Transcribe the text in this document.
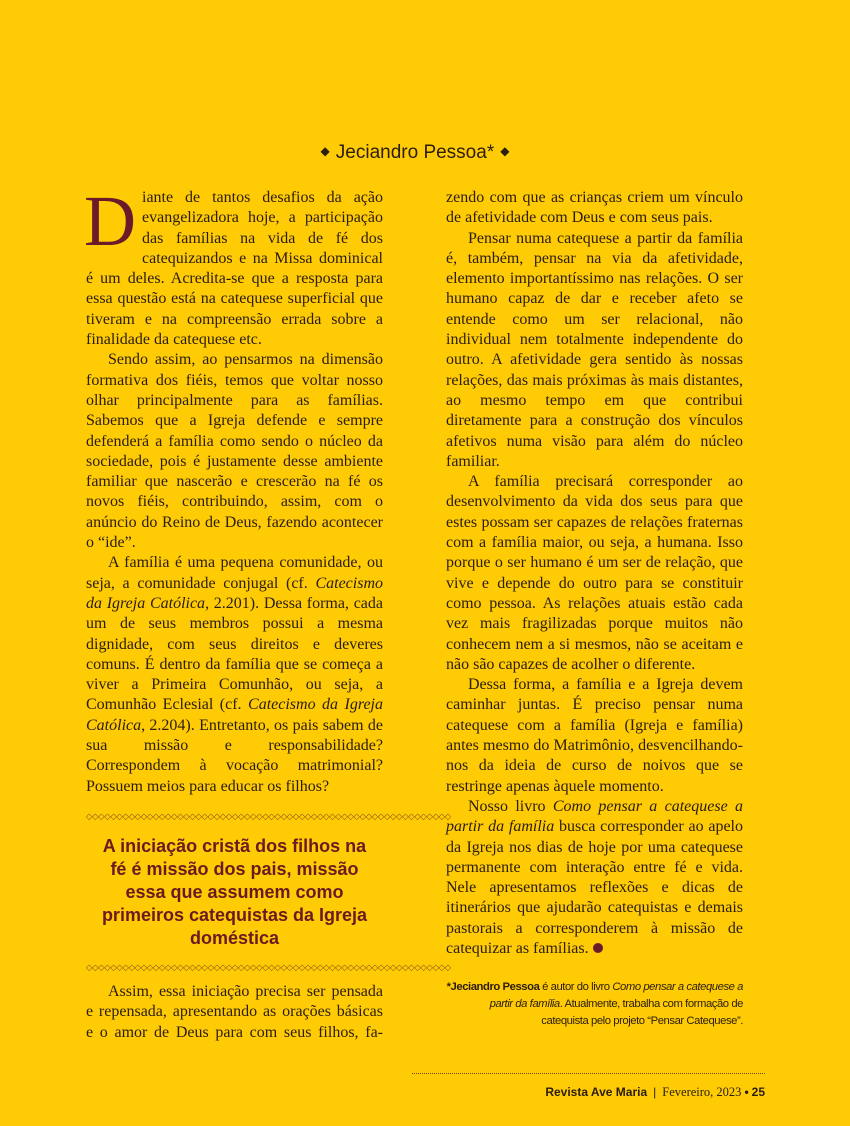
◆ Jeciandro Pessoa* ◆

Diante de tantos desafios da ação evangelizadora hoje, a participação das famílias na vida de fé dos catequizandos e na Missa dominical é um deles. Acredita-se que a resposta para essa questão está na catequese superficial que tiveram e na compreensão errada sobre a finalidade da catequese etc.

Sendo assim, ao pensarmos na dimensão formativa dos fiéis, temos que voltar nosso olhar principalmente para as famílias. Sabemos que a Igreja defende e sempre defenderá a família como sendo o núcleo da sociedade, pois é justamente desse ambiente familiar que nascerão e crescerão na fé os novos fiéis, contribuindo, assim, com o anúncio do Reino de Deus, fazendo acontecer o “ide”.

A família é uma pequena comunidade, ou seja, a comunidade conjugal (cf. Catecismo da Igreja Católica, 2.201). Dessa forma, cada um de seus membros possui a mesma dignidade, com seus direitos e deveres comuns. É dentro da família que se começa a viver a Primeira Comunhão, ou seja, a Comunhão Eclesial (cf. Catecismo da Igreja Católica, 2.204). Entretanto, os pais sabem de sua missão e responsabilidade? Correspondem à vocação matrimonial? Possuem meios para educar os filhos?

◇◇◇◇◇◇◇◇◇◇◇◇◇◇◇◇◇◇◇◇◇◇◇◇◇◇◇◇◇◇◇◇◇◇◇◇◇◇◇◇◇◇◇◇◇◇◇◇◇◇◇◇◇◇◇◇◇◇◇◇
A iniciação cristã dos filhos na fé é missão dos pais, missão essa que assumem como primeiros catequistas da Igreja doméstica
◇◇◇◇◇◇◇◇◇◇◇◇◇◇◇◇◇◇◇◇◇◇◇◇◇◇◇◇◇◇◇◇◇◇◇◇◇◇◇◇◇◇◇◇◇◇◇◇◇◇◇◇◇◇◇◇◇◇◇◇

Assim, essa iniciação precisa ser pensada e repensada, apresentando as orações básicas e o amor de Deus para com seus filhos, fa-

zendo com que as crianças criem um vínculo de afetividade com Deus e com seus pais.

Pensar numa catequese a partir da família é, também, pensar na via da afetividade, elemento importantíssimo nas relações. O ser humano capaz de dar e receber afeto se entende como um ser relacional, não individual nem totalmente independente do outro. A afetividade gera sentido às nossas relações, das mais próximas às mais distantes, ao mesmo tempo em que contribui diretamente para a construção dos vínculos afetivos numa visão para além do núcleo familiar.

A família precisará corresponder ao desenvolvimento da vida dos seus para que estes possam ser capazes de relações fraternas com a família maior, ou seja, a humana. Isso porque o ser humano é um ser de relação, que vive e depende do outro para se constituir como pessoa. As relações atuais estão cada vez mais fragilizadas porque muitos não conhecem nem a si mesmos, não se aceitam e não são capazes de acolher o diferente.

Dessa forma, a família e a Igreja devem caminhar juntas. É preciso pensar numa catequese com a família (Igreja e família) antes mesmo do Matrimônio, desvencilhando-nos da ideia de curso de noivos que se restringe apenas àquele momento.

Nosso livro Como pensar a catequese a partir da família busca corresponder ao apelo da Igreja nos dias de hoje por uma catequese permanente com interação entre fé e vida. Nele apresentamos reflexões e dicas de itinerários que ajudarão catequistas e demais pastorais a corresponderem à missão de catequizar as famílias.

*Jeciandro Pessoa é autor do livro Como pensar a catequese a partir da família. Atualmente, trabalha com formação de catequista pelo projeto “Pensar Catequese”.
Revista Ave Maria | Fevereiro, 2023 • 25
